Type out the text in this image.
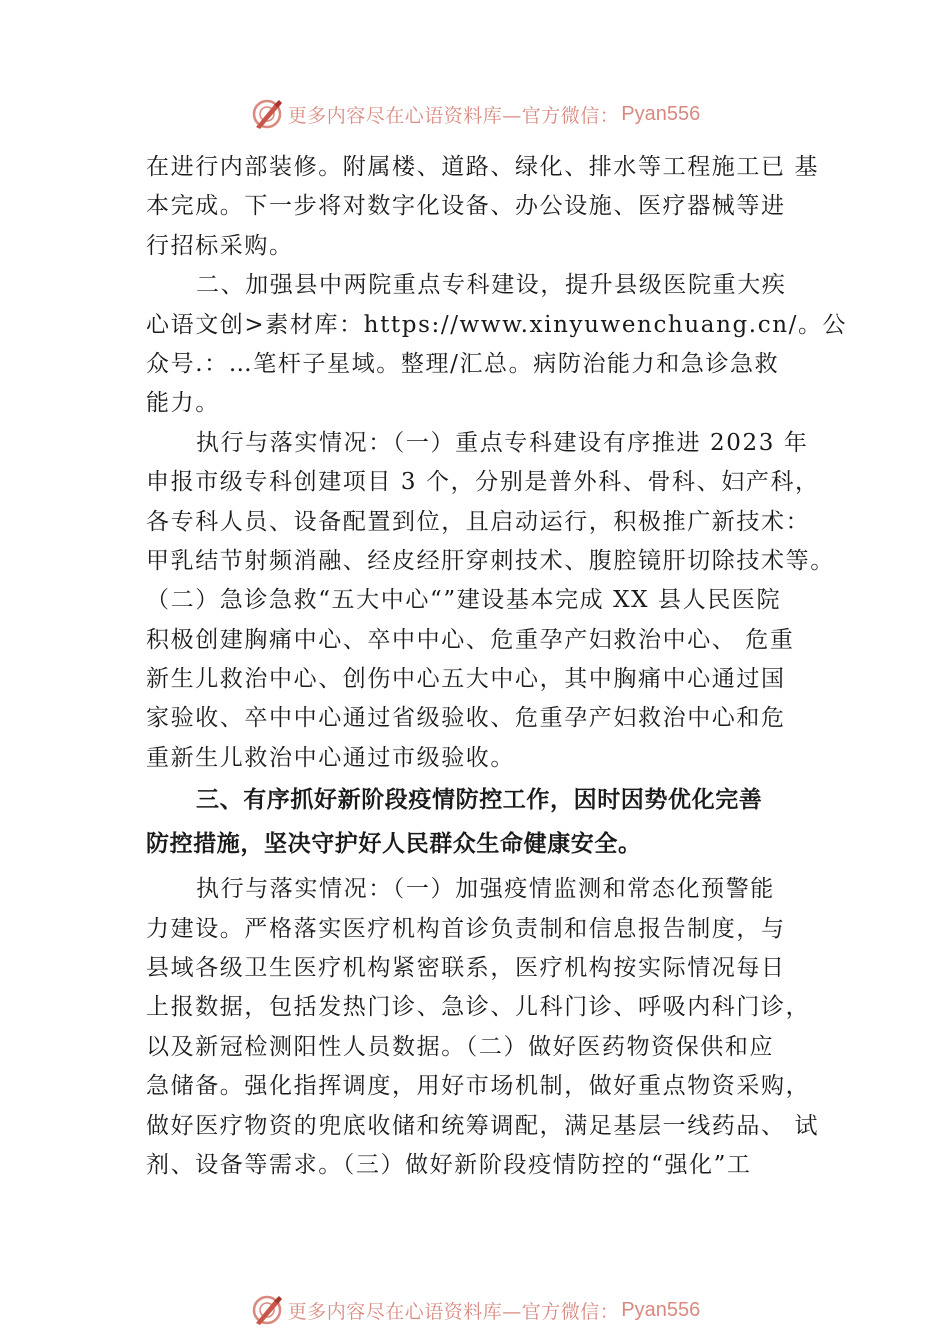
更多内容尽在心语资料库—官方微信： Pyan556
在进行内部装修。附属楼、道路、绿化、排水等工程施工已 基
本完成。下一步将对数字化设备、办公设施、医疗器械等进
行招标采购。
二、加强县中两院重点专科建设，提升县级医院重大疾
心语文创>素材库：https://www.xinyuwenchuang.cn/。公
众号.：…笔杆子星域。整理/汇总。病防治能力和急诊急救
能力。
执行与落实情况：（一）重点专科建设有序推进 2023 年
申报市级专科创建项目 3 个，分别是普外科、骨科、妇产科，
各专科人员、设备配置到位，且启动运行，积极推广新技术：
甲乳结节射频消融、经皮经肝穿刺技术、腹腔镜肝切除技术等。
（二）急诊急救“五大中心“”建设基本完成 XX 县人民医院
积极创建胸痛中心、卒中中心、危重孕产妇救治中心、 危重
新生儿救治中心、创伤中心五大中心，其中胸痛中心通过国
家验收、卒中中心通过省级验收、危重孕产妇救治中心和危
重新生儿救治中心通过市级验收。
三、有序抓好新阶段疫情防控工作，因时因势优化完善
防控措施，坚决守护好人民群众生命健康安全。
执行与落实情况：（一）加强疫情监测和常态化预警能
力建设。严格落实医疗机构首诊负责制和信息报告制度，与
县域各级卫生医疗机构紧密联系，医疗机构按实际情况每日
上报数据，包括发热门诊、急诊、儿科门诊、呼吸内科门诊，
以及新冠检测阳性人员数据。（二）做好医药物资保供和应
急储备。强化指挥调度，用好市场机制，做好重点物资采购，
做好医疗物资的兜底收储和统筹调配，满足基层一线药品、 试
剂、设备等需求。（三）做好新阶段疫情防控的“强化”工
更多内容尽在心语资料库—官方微信： Pyan556
